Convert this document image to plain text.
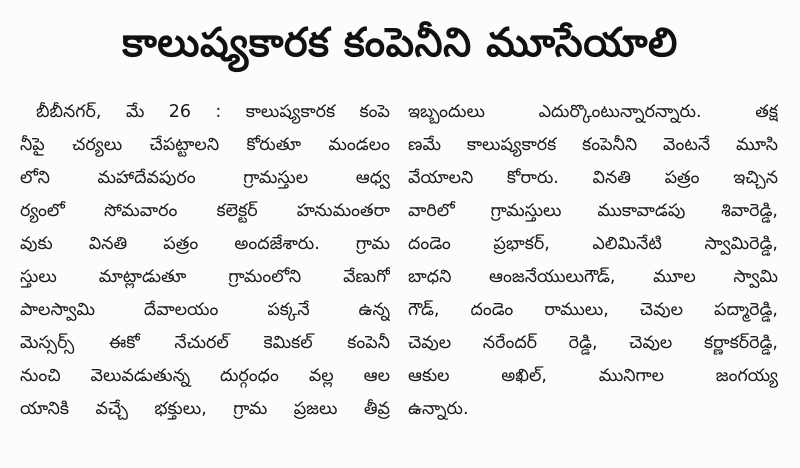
కాలుష్యకారక కంపెనీని మూసేయాలి
బీబీనగర్, మే 26 : కాలుష్యకారక కంపె
నీపై చర్యలు చేపట్టాలని కోరుతూ మండలం
లోని మహాదేవపురం గ్రామస్తుల ఆధ్వ
ర్యంలో సోమవారం కలెక్టర్ హనుమంతరా
వుకు వినతి పత్రం అందజేశారు. గ్రామ
స్తులు మాట్లాడుతూ గ్రామంలోని వేణుగో
పాలస్వామి దేవాలయం పక్కనే ఉన్న
మెస్సర్స్ ఈకో నేచురల్ కెమికల్ కంపెనీ
నుంచి వెలువడుతున్న దుర్గంధం వల్ల ఆల
యానికి వచ్చే భక్తులు, గ్రామ ప్రజలు తీవ్ర
ఇబ్బందులు ఎదుర్కొంటున్నారన్నారు. తక్ష
ణమే కాలుష్యకారక కంపెనీని వెంటనే మూసి
వేయాలని కోరారు. వినతి పత్రం ఇచ్చిన
వారిలో గ్రామస్తులు ముకావాడపు శివారెడ్డి,
దండెం ప్రభాకర్, ఎలిమినేటి స్వామిరెడ్డి,
బాధని ఆంజనేయులుగౌడ్, మూల స్వామి
గౌడ్, దండెం రాములు, చెవుల పద్మారెడ్డి,
చెవుల నరేందర్ రెడ్డి, చెవుల కర్ణాకర్‌రెడ్డి,
ఆకుల అఖిల్, మునిగాల జంగయ్య
ఉన్నారు.
